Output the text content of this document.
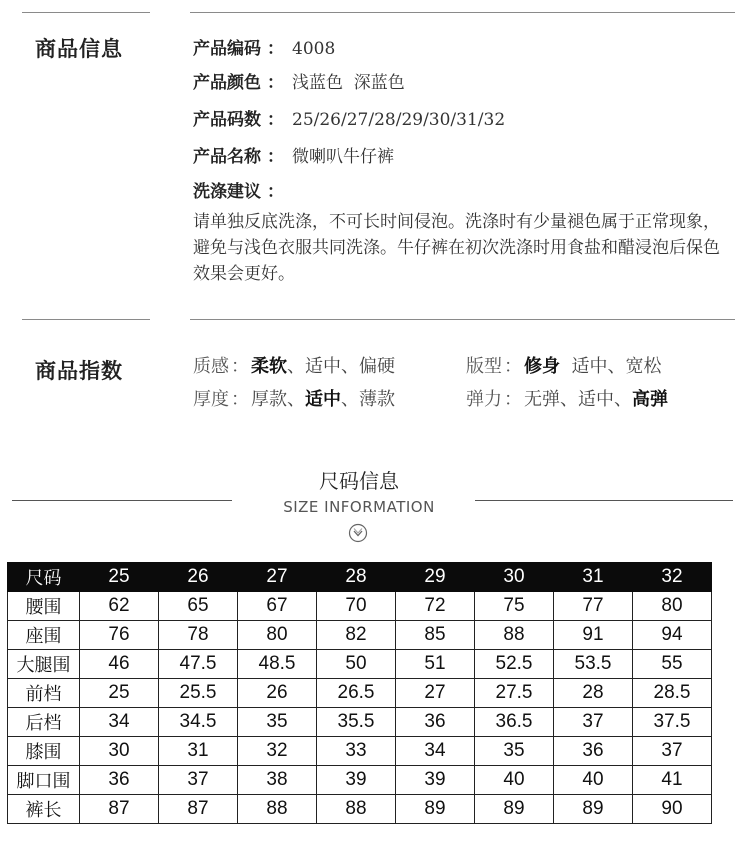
商品信息	产品编码 ： 4008
产品颜色 ： 浅蓝色  深蓝色
产品码数 ： 25/26/27/28/29/30/31/32
产品名称 ： 微喇叭牛仔裤
洗涤建议 ：
请单独反底洗涤，不可长时间侵泡。洗涤时有少量褪色属于正常现象，避免与浅色衣服共同洗涤。牛仔裤在初次洗涤时用食盐和醋浸泡后保色效果会更好。
商品指数	质感 ： 柔软、适中、偏硬
厚度 ： 厚款、适中、薄款
版型 ： 修身  适中、宽松
弹力 ： 无弹、适中、高弹
尺码信息
SIZE INFORMATION
尺码	25	26	27	28	29	30	31	32
腰围	62	65	67	70	72	75	77	80
座围	76	78	80	82	85	88	91	94
大腿围	46	47.5	48.5	50	51	52.5	53.5	55
前档	25	25.5	26	26.5	27	27.5	28	28.5
后档	34	34.5	35	35.5	36	36.5	37	37.5
膝围	30	31	32	33	34	35	36	37
脚口围	36	37	38	39	39	40	40	41
裤长	87	87	88	88	89	89	89	90
